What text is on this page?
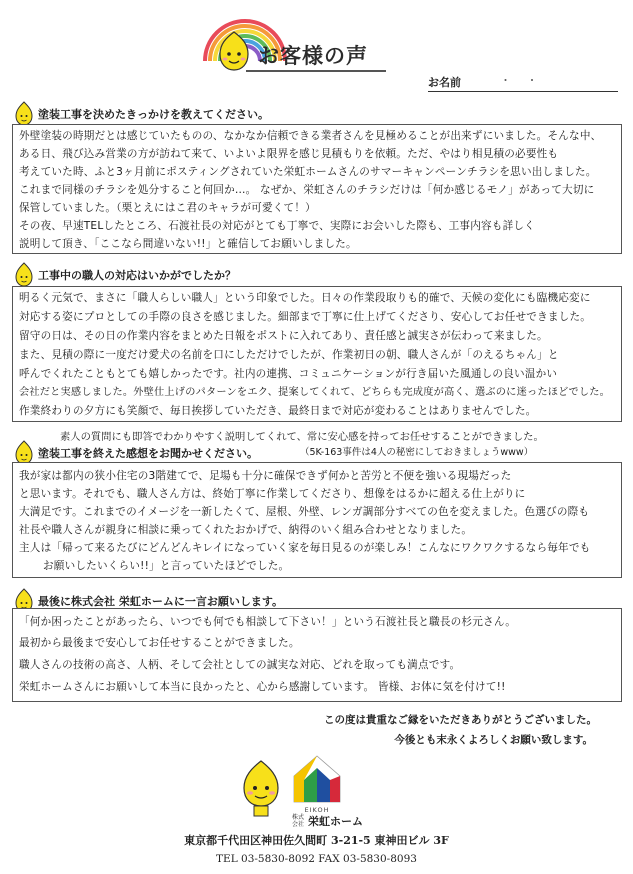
お客様の声
お名前	・ ・
塗装工事を決めたきっかけを教えてください。
外壁塗装の時期だとは感じていたものの、なかなか信頼できる業者さんを見極めることが出来ずにいました。そんな中、
ある日、飛び込み営業の方が訪ねて来て、いよいよ限界を感じ見積もりを依頼。ただ、やはり相見積の必要性も
考えていた時、ふと3ヶ月前にポスティングされていた栄虹ホームさんのサマーキャンペーンチラシを思い出しました。
これまで同様のチラシを処分すること何回か…。 なぜか、栄虹さんのチラシだけは「何か感じるモノ」があって大切に
保管していました。（栗とえにはこ君のキャラが可愛くて！）
その夜、早速TELしたところ、石渡社長の対応がとても丁寧で、実際にお会いした際も、工事内容も詳しく
説明して頂き、「ここなら間違いない!!」と確信してお願いしました。
工事中の職人の対応はいかがでしたか？
明るく元気で、まさに「職人らしい職人」という印象でした。日々の作業段取りも的確で、天候の変化にも臨機応変に
対応する姿にプロとしての手際の良さを感じました。細部まで丁寧に仕上げてくださり、安心してお任せできました。
留守の日は、その日の作業内容をまとめた日報をポストに入れてあり、責任感と誠実さが伝わって来ました。
また、見積の際に一度だけ愛犬の名前を口にしただけでしたが、作業初日の朝、職人さんが「のえるちゃん」と
呼んでくれたこともとても嬉しかったです。社内の連携、コミュニケーションが行き届いた風通しの良い温かい
会社だと実感しました。外壁仕上げのパターンをエク、提案してくれて、どちらも完成度が高く、選ぶのに迷ったほどでした。
作業終わりの夕方にも笑顔で、毎日挨拶していただき、最終日まで対応が変わることはありませんでした。
素人の質問にも即答でわかりやすく説明してくれて、常に安心感を持ってお任せすることができました。
塗装工事を終えた感想をお聞かせください。	（5K-163事件は4人の秘密にしておきましょうwww）
我が家は都内の狭小住宅の3階建てで、足場も十分に確保できず何かと苦労と不便を強いる現場だった
と思います。それでも、職人さん方は、終始丁寧に作業してくださり、想像をはるかに超える仕上がりに
大満足です。これまでのイメージを一新したくて、屋根、外壁、レンガ調部分すべての色を変えました。色選びの際も
社長や職人さんが親身に相談に乗ってくれたおかげで、納得のいく組み合わせとなりました。
主人は「帰って来るたびにどんどんキレイになっていく家を毎日見るのが楽しみ！こんなにワクワクするなら毎年でも
お願いしたいくらい!!」と言っていたほどでした。
最後に株式会社 栄虹ホームに一言お願いします。
「何か困ったことがあったら、いつでも何でも相談して下さい！」という石渡社長と職長の杉元さん。
最初から最後まで安心してお任せすることができました。
職人さんの技術の高さ、人柄、そして会社としての誠実な対応、どれを取っても満点です。
栄虹ホームさんにお願いして本当に良かったと、心から感謝しています。 皆様、お体に気を付けて!!
この度は貴重なご縁をいただきありがとうございました。
今後とも末永くよろしくお願い致します。
EIKOH
株式会社 栄虹ホーム
東京都千代田区神田佐久間町 3-21-5 東神田ビル 3F
TEL 03-5830-8092 FAX 03-5830-8093
